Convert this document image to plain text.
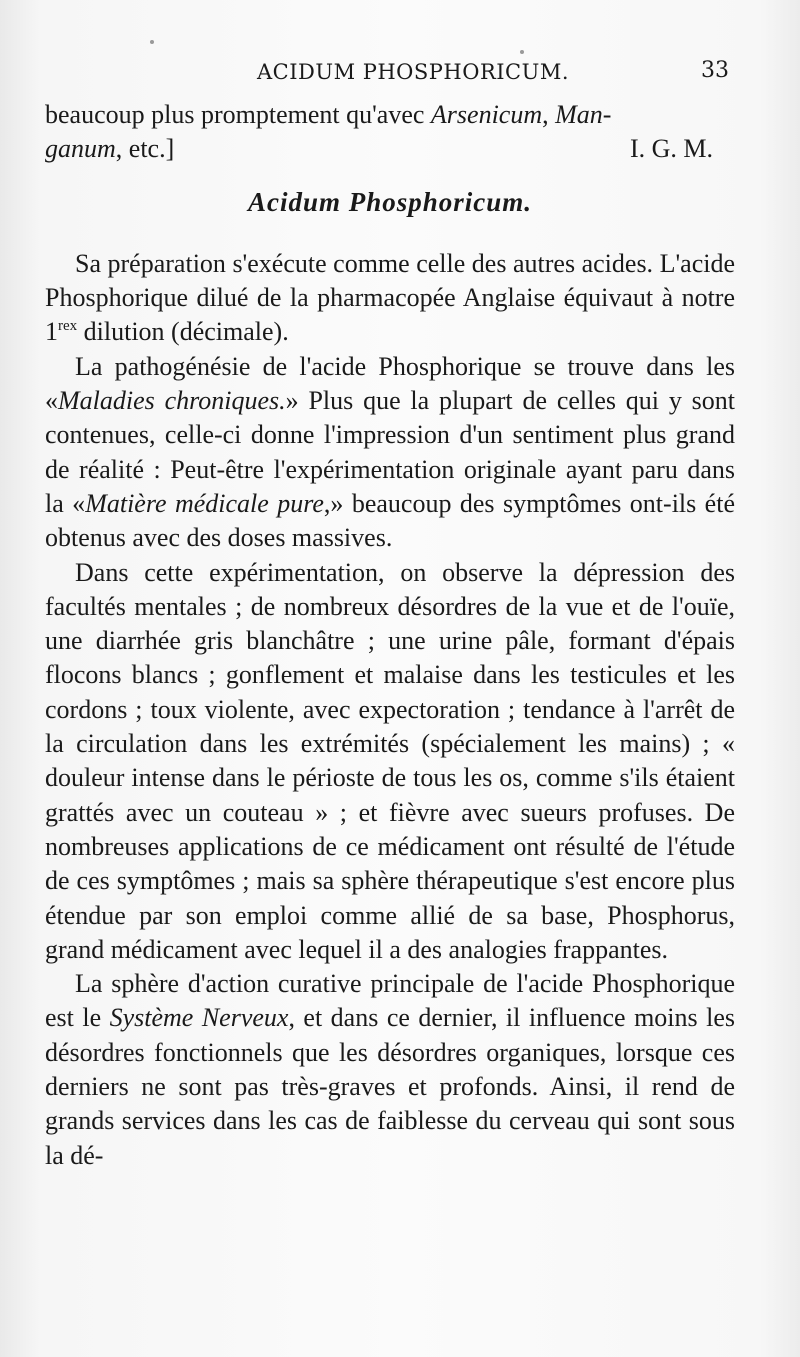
ACIDUM PHOSPHORICUM.	33

beaucoup plus promptement qu'avec Arsenicum, Man-

ganum, etc.]	I. G. M.
Acidum Phosphoricum.

Sa préparation s'exécute comme celle des autres acides. L'acide Phosphorique dilué de la pharmacopée Anglaise équivaut à notre $1^{rex}$ dilution (décimale).

La pathogénésie de l'acide Phosphorique se trouve dans les «Maladies chroniques.» Plus que la plupart de celles qui y sont contenues, celle-ci donne l'impression d'un sentiment plus grand de réalité : Peut-être l'expérimentation originale ayant paru dans la «Matière médicale pure,» beaucoup des symptômes ont-ils été obtenus avec des doses massives.

Dans cette expérimentation, on observe la dépression des facultés mentales ; de nombreux désordres de la vue et de l'ouïe, une diarrhée gris blanchâtre ; une urine pâle, formant d'épais flocons blancs ; gonflement et malaise dans les testicules et les cordons ; toux violente, avec expectoration ; tendance à l'arrêt de la circulation dans les extrémités (spécialement les mains) ; « douleur intense dans le périoste de tous les os, comme s'ils étaient grattés avec un couteau » ; et fièvre avec sueurs profuses. De nombreuses applications de ce médicament ont résulté de l'étude de ces symptômes ; mais sa sphère thérapeutique s'est encore plus étendue par son emploi comme allié de sa base, Phosphorus, grand médicament avec lequel il a des analogies frappantes.

La sphère d'action curative principale de l'acide Phosphorique est le Système Nerveux, et dans ce dernier, il influence moins les désordres fonctionnels que les désordres organiques, lorsque ces derniers ne sont pas très-graves et profonds. Ainsi, il rend de grands services dans les cas de faiblesse du cerveau qui sont sous la dé-
